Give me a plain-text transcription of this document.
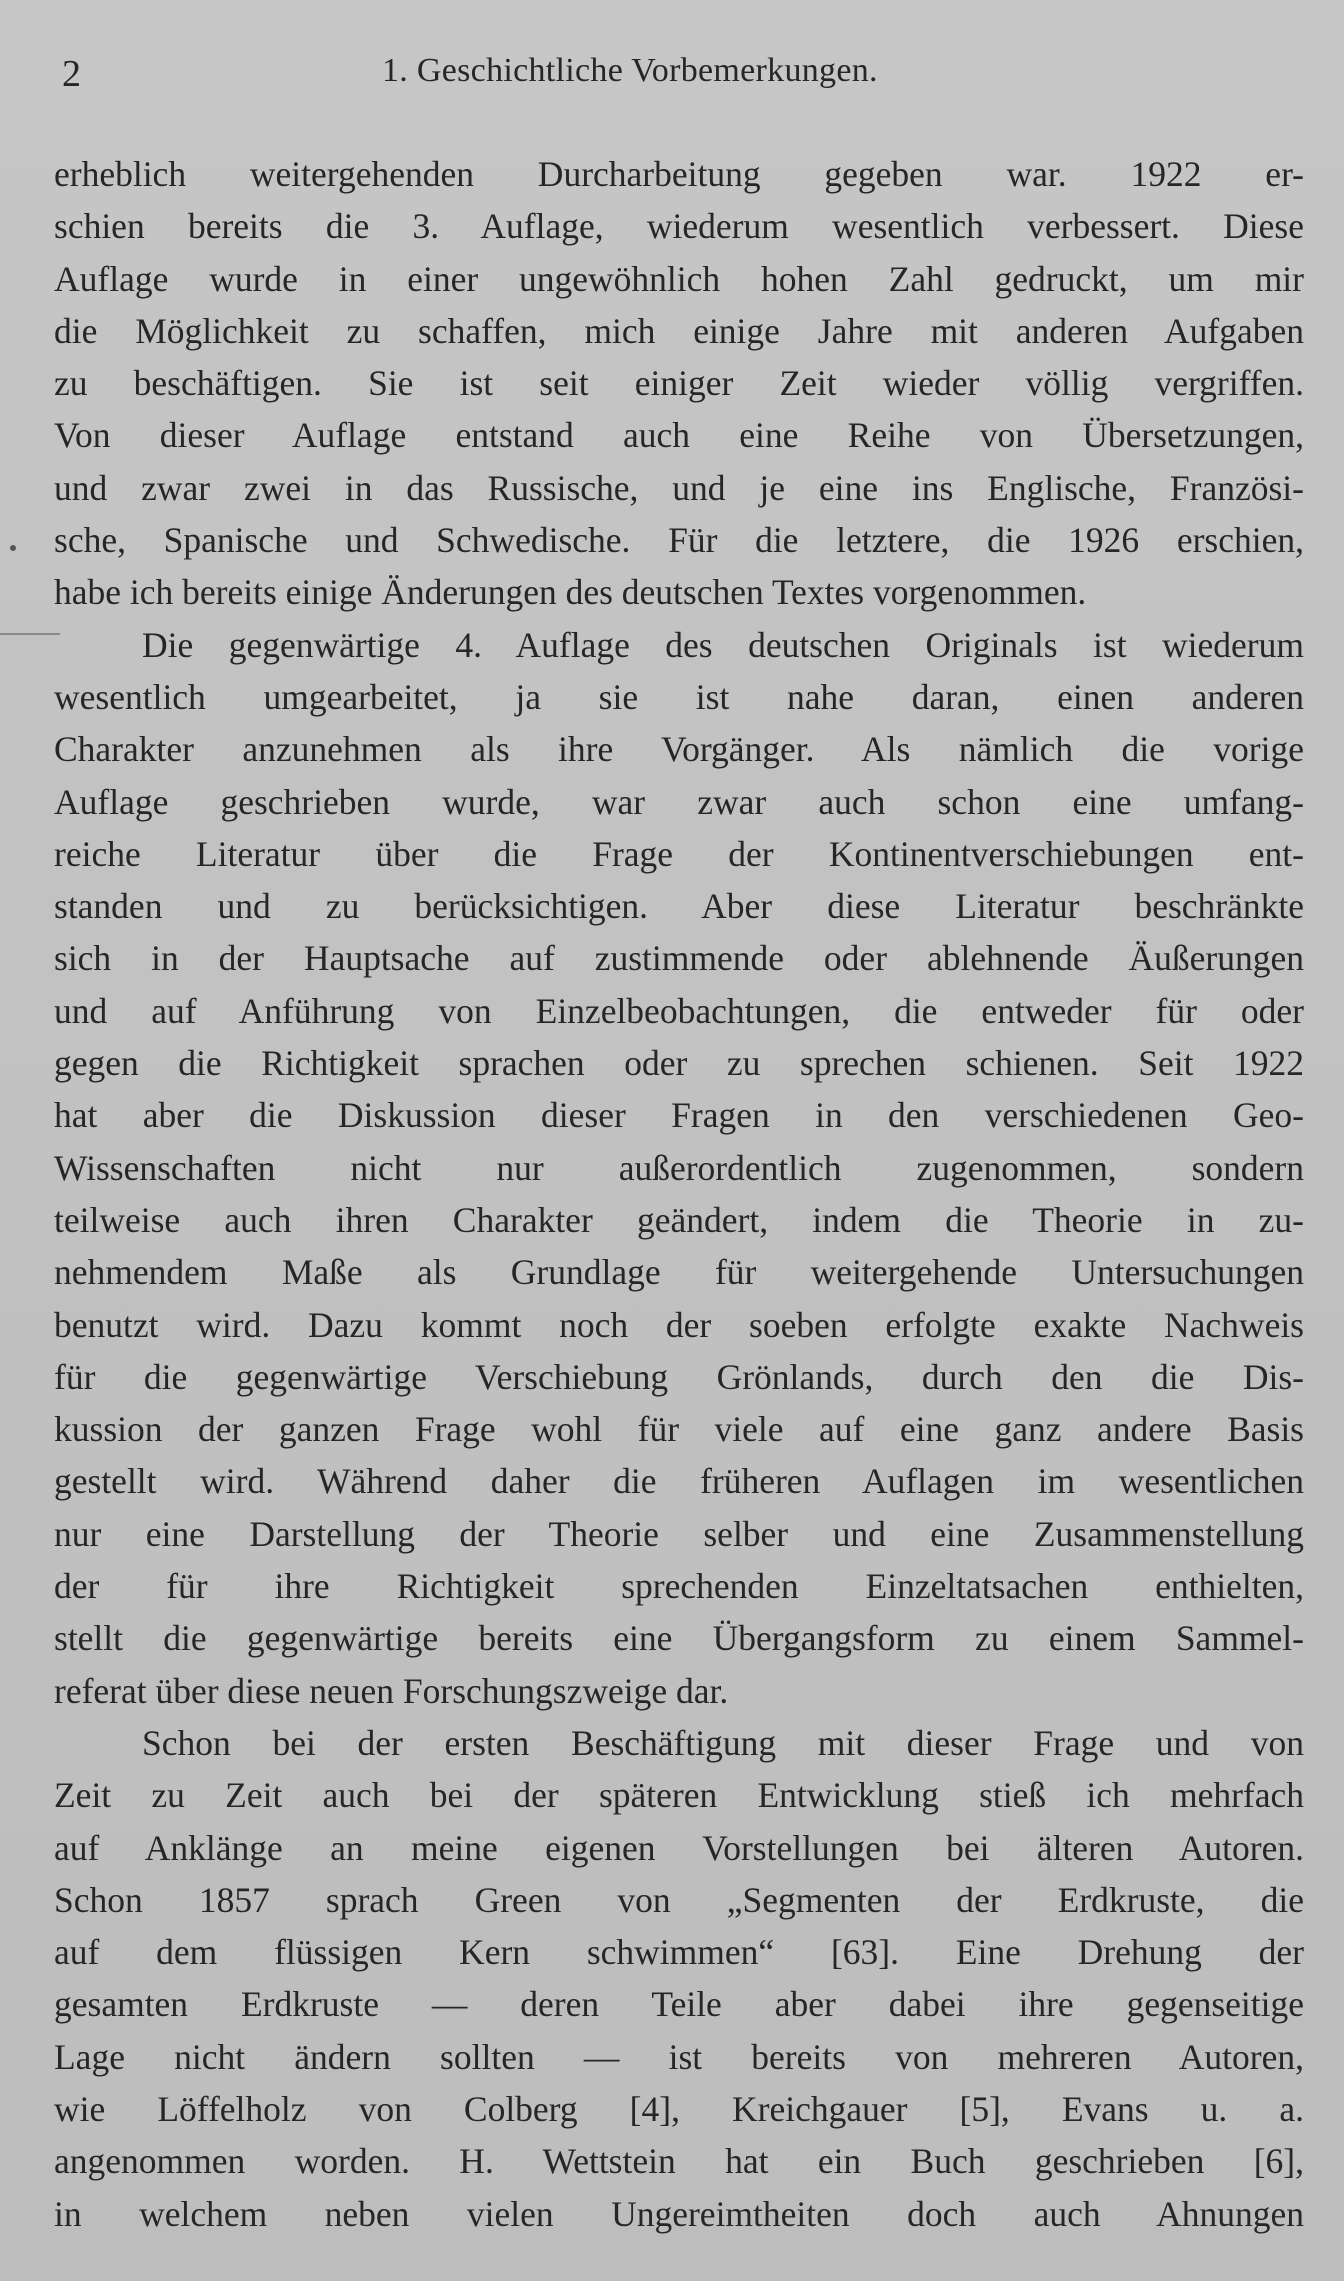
2	1. Geschichtliche Vorbemerkungen.
erheblich weitergehenden Durcharbeitung gegeben war. 1922 er-
schien bereits die 3. Auflage, wiederum wesentlich verbessert. Diese
Auflage wurde in einer ungewöhnlich hohen Zahl gedruckt, um mir
die Möglichkeit zu schaffen, mich einige Jahre mit anderen Aufgaben
zu beschäftigen. Sie ist seit einiger Zeit wieder völlig vergriffen.
Von dieser Auflage entstand auch eine Reihe von Übersetzungen,
und zwar zwei in das Russische, und je eine ins Englische, Französi-
sche, Spanische und Schwedische. Für die letztere, die 1926 erschien,
habe ich bereits einige Änderungen des deutschen Textes vorgenommen.
Die gegenwärtige 4. Auflage des deutschen Originals ist wiederum
wesentlich umgearbeitet, ja sie ist nahe daran, einen anderen
Charakter anzunehmen als ihre Vorgänger. Als nämlich die vorige
Auflage geschrieben wurde, war zwar auch schon eine umfang-
reiche Literatur über die Frage der Kontinentverschiebungen ent-
standen und zu berücksichtigen. Aber diese Literatur beschränkte
sich in der Hauptsache auf zustimmende oder ablehnende Äußerungen
und auf Anführung von Einzelbeobachtungen, die entweder für oder
gegen die Richtigkeit sprachen oder zu sprechen schienen. Seit 1922
hat aber die Diskussion dieser Fragen in den verschiedenen Geo-
Wissenschaften nicht nur außerordentlich zugenommen, sondern
teilweise auch ihren Charakter geändert, indem die Theorie in zu-
nehmendem Maße als Grundlage für weitergehende Untersuchungen
benutzt wird. Dazu kommt noch der soeben erfolgte exakte Nachweis
für die gegenwärtige Verschiebung Grönlands, durch den die Dis-
kussion der ganzen Frage wohl für viele auf eine ganz andere Basis
gestellt wird. Während daher die früheren Auflagen im wesentlichen
nur eine Darstellung der Theorie selber und eine Zusammenstellung
der für ihre Richtigkeit sprechenden Einzeltatsachen enthielten,
stellt die gegenwärtige bereits eine Übergangsform zu einem Sammel-
referat über diese neuen Forschungszweige dar.
Schon bei der ersten Beschäftigung mit dieser Frage und von
Zeit zu Zeit auch bei der späteren Entwicklung stieß ich mehrfach
auf Anklänge an meine eigenen Vorstellungen bei älteren Autoren.
Schon 1857 sprach Green von „Segmenten der Erdkruste, die
auf dem flüssigen Kern schwimmen“ [63]. Eine Drehung der
gesamten Erdkruste — deren Teile aber dabei ihre gegenseitige
Lage nicht ändern sollten — ist bereits von mehreren Autoren,
wie Löffelholz von Colberg [4], Kreichgauer [5], Evans u. a.
angenommen worden. H. Wettstein hat ein Buch geschrieben [6],
in welchem neben vielen Ungereimtheiten doch auch Ahnungen
